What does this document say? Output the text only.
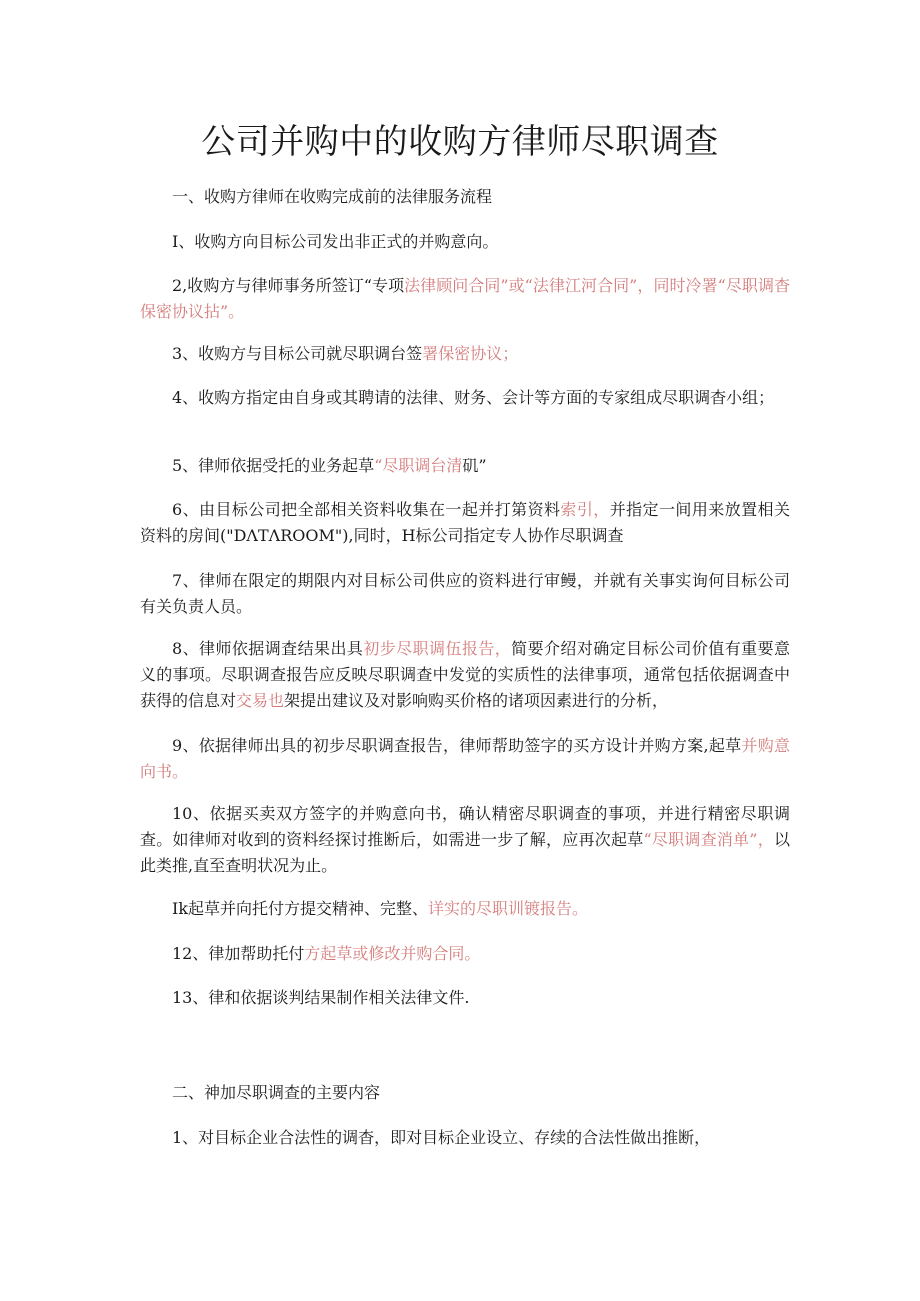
公司并购中的收购方律师尽职调查

一、收购方律师在收购完成前的法律服务流程

I、收购方向目标公司发出非正式的并购意向。

2,收购方与律师事务所签订“专项法律顾问合同”或“法律江河合同”，同时冷署“尽职调杳保密协议拈”。

3、收购方与目标公司就尽职调台签署保密协议；

4、收购方指定由自身或其聘请的法律、财务、会计等方面的专家组成尽职调杳小组；

5、律师依据受托的业务起草“尽职调台清矶”

6、由目标公司把全部相关资料收集在一起并打第资料索引，并指定一间用来放置相关资料的房间("DΛTΛROOM"),同时，H标公司指定专人协作尽职调查

7、律师在限定的期限内对目标公司供应的资料进行审鳗，并就有关事实询何目标公司有关负责人员。

8、律师依据调査结果出具初步尽职调伍报告，简要介绍对确定目标公司价值有重要意义的事项。尽职调查报告应反映尽职调查中发觉的实质性的法律事项，通常包括依据调查中获得的信息对交易也架提出建议及对影响购买价格的诸项因素进行的分析，

9、依据律师出具的初步尽职调查报告，律师帮助签字的买方设计并购方案,起草并购意向书。

10、依据买卖双方签字的并购意向书，确认精密尽职调查的事项，并进行精密尽职调查。如律师对收到的资料经探讨推断后，如需进一步了解，应再次起草“尽职调查消单”，以此类推,直至查明状况为止。

Ik起草并向托付方提交精神、完整、详实的尽职训镀报告。

12、律加帮助托付方起草或修改并购合同。

13、律和依据谈判结果制作相关法律文件.

二、神加尽职调查的主要内容

1、对目标企业合法性的调杳，即对目标企业设立、存续的合法性做出推断，
